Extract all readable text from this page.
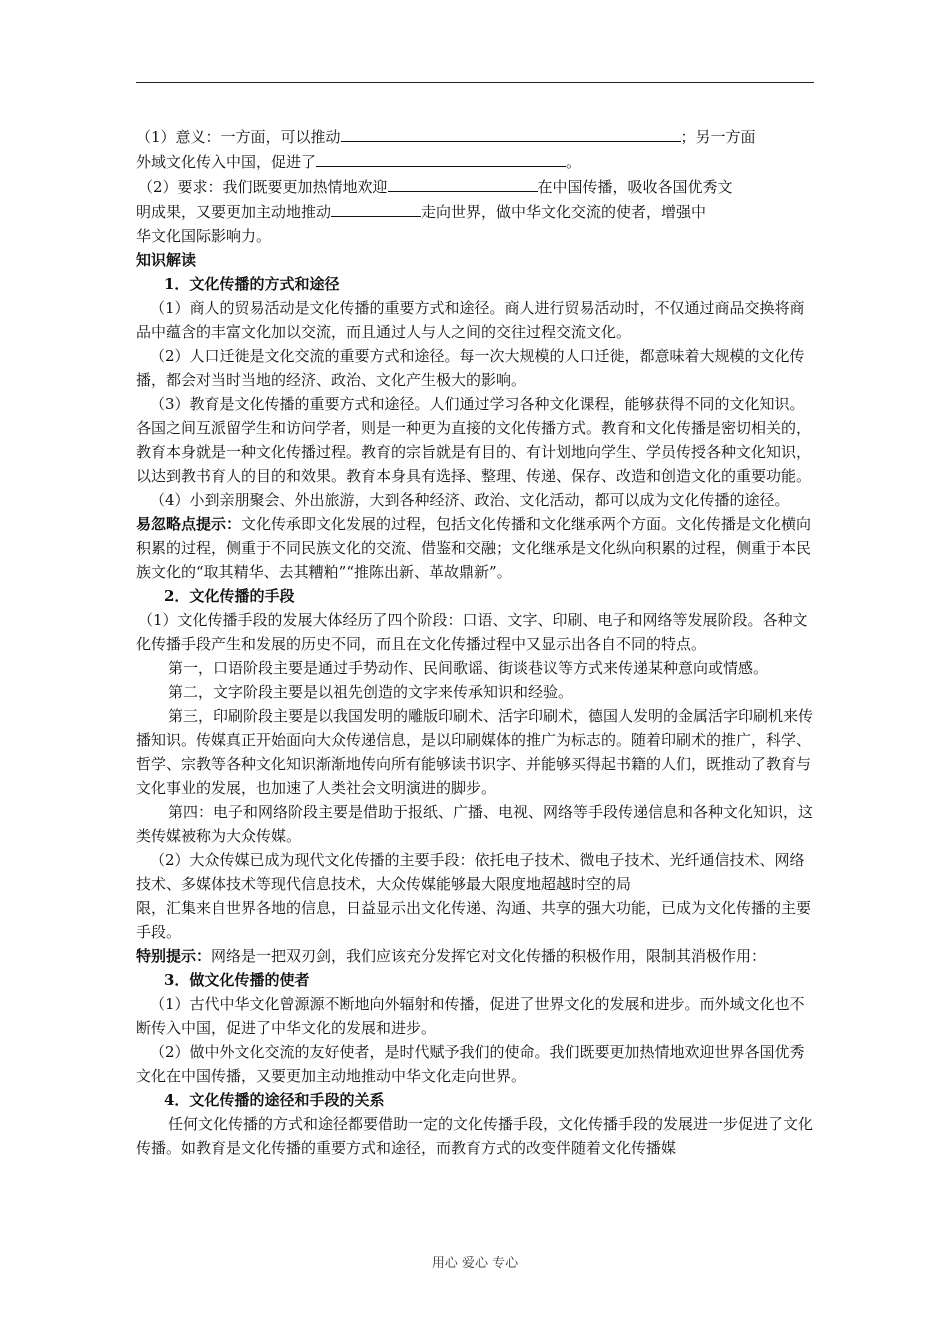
（1）意义：一方面，可以推动	；另一方面

外域文化传入中国，促进了	。

（2）要求：我们既要更加热情地欢迎	在中国传播，吸收各国优秀文

明成果，又要更加主动地推动	走向世界，做中华文化交流的使者，增强中

华文化国际影响力。

知识解读

1．文化传播的方式和途径

（1）商人的贸易活动是文化传播的重要方式和途径。商人进行贸易活动时，不仅通过商品交换将商品中蕴含的丰富文化加以交流，而且通过人与人之间的交往过程交流文化。

（2）人口迁徙是文化交流的重要方式和途径。每一次大规模的人口迁徙，都意味着大规模的文化传播，都会对当时当地的经济、政治、文化产生极大的影响。

（3）教育是文化传播的重要方式和途径。人们通过学习各种文化课程，能够获得不同的文化知识。各国之间互派留学生和访问学者，则是一种更为直接的文化传播方式。教育和文化传播是密切相关的，教育本身就是一种文化传播过程。教育的宗旨就是有目的、有计划地向学生、学员传授各种文化知识，以达到教书育人的目的和效果。教育本身具有选择、整理、传递、保存、改造和创造文化的重要功能。

（4）小到亲朋聚会、外出旅游，大到各种经济、政治、文化活动，都可以成为文化传播的途径。

易忽略点提示：文化传承即文化发展的过程，包括文化传播和文化继承两个方面。文化传播是文化横向积累的过程，侧重于不同民族文化的交流、借鉴和交融；文化继承是文化纵向积累的过程，侧重于本民族文化的“取其精华、去其糟粕”“推陈出新、革故鼎新”。

2．文化传播的手段

（1）文化传播手段的发展大体经历了四个阶段：口语、文字、印刷、电子和网络等发展阶段。各种文化传播手段产生和发展的历史不同，而且在文化传播过程中又显示出各自不同的特点。

第一，口语阶段主要是通过手势动作、民间歌谣、街谈巷议等方式来传递某种意向或情感。

第二，文字阶段主要是以祖先创造的文字来传承知识和经验。

第三，印刷阶段主要是以我国发明的雕版印刷术、活字印刷术，德国人发明的金属活字印刷机来传播知识。传媒真正开始面向大众传递信息，是以印刷媒体的推广为标志的。随着印刷术的推广，科学、哲学、宗教等各种文化知识渐渐地传向所有能够读书识字、并能够买得起书籍的人们，既推动了教育与文化事业的发展，也加速了人类社会文明演进的脚步。

第四：电子和网络阶段主要是借助于报纸、广播、电视、网络等手段传递信息和各种文化知识，这类传媒被称为大众传媒。

（2）大众传媒已成为现代文化传播的主要手段：依托电子技术、微电子技术、光纤通信技术、网络技术、多媒体技术等现代信息技术，大众传媒能够最大限度地超越时空的局

限，汇集来自世界各地的信息，日益显示出文化传递、沟通、共享的强大功能，已成为文化传播的主要手段。

特别提示：网络是一把双刃剑，我们应该充分发挥它对文化传播的积极作用，限制其消极作用：

3．做文化传播的使者

（1）古代中华文化曾源源不断地向外辐射和传播，促进了世界文化的发展和进步。而外域文化也不断传入中国，促进了中华文化的发展和进步。

（2）做中外文化交流的友好使者，是时代赋予我们的使命。我们既要更加热情地欢迎世界各国优秀文化在中国传播，又要更加主动地推动中华文化走向世界。

4．文化传播的途径和手段的关系

任何文化传播的方式和途径都要借助一定的文化传播手段，文化传播手段的发展进一步促进了文化传播。如教育是文化传播的重要方式和途径，而教育方式的改变伴随着文化传播媒

用心 爱心 专心
